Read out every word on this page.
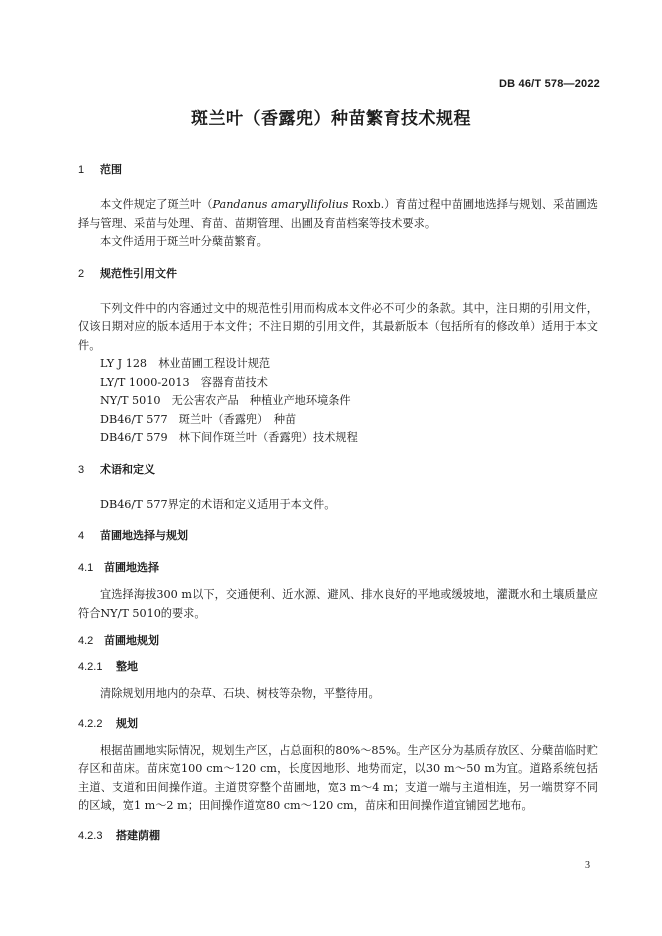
DB 46/T 578—2022
斑兰叶（香露兜）种苗繁育技术规程
1 范围

本文件规定了斑兰叶（Pandanus amaryllifolius Roxb.）育苗过程中苗圃地选择与规划、采苗圃选择与管理、采苗与处理、育苗、苗期管理、出圃及育苗档案等技术要求。

本文件适用于斑兰叶分蘖苗繁育。

2 规范性引用文件

下列文件中的内容通过文中的规范性引用而构成本文件必不可少的条款。其中，注日期的引用文件，仅该日期对应的版本适用于本文件；不注日期的引用文件，其最新版本（包括所有的修改单）适用于本文件。

LY J 128　林业苗圃工程设计规范
LY/T 1000-2013　容器育苗技术
NY/T 5010　无公害农产品　种植业产地环境条件
DB46/T 577　斑兰叶（香露兜）　种苗
DB46/T 579　林下间作斑兰叶（香露兜）技术规程
3 术语和定义

DB46/T 577界定的术语和定义适用于本文件。

4 苗圃地选择与规划
4.1 苗圃地选择

宜选择海拔300 m以下，交通便利、近水源、避风、排水良好的平地或缓坡地，灌溉水和土壤质量应符合NY/T 5010的要求。

4.2 苗圃地规划
4.2.1 整地

清除规划用地内的杂草、石块、树枝等杂物，平整待用。

4.2.2 规划

根据苗圃地实际情况，规划生产区，占总面积的80%～85%。生产区分为基质存放区、分蘖苗临时贮存区和苗床。苗床宽100 cm～120 cm，长度因地形、地势而定，以30 m～50 m为宜。道路系统包括主道、支道和田间操作道。主道贯穿整个苗圃地，宽3 m～4 m；支道一端与主道相连，另一端贯穿不同的区域，宽1 m～2 m；田间操作道宽80 cm～120 cm，苗床和田间操作道宜铺园艺地布。

4.2.3 搭建荫棚
3
